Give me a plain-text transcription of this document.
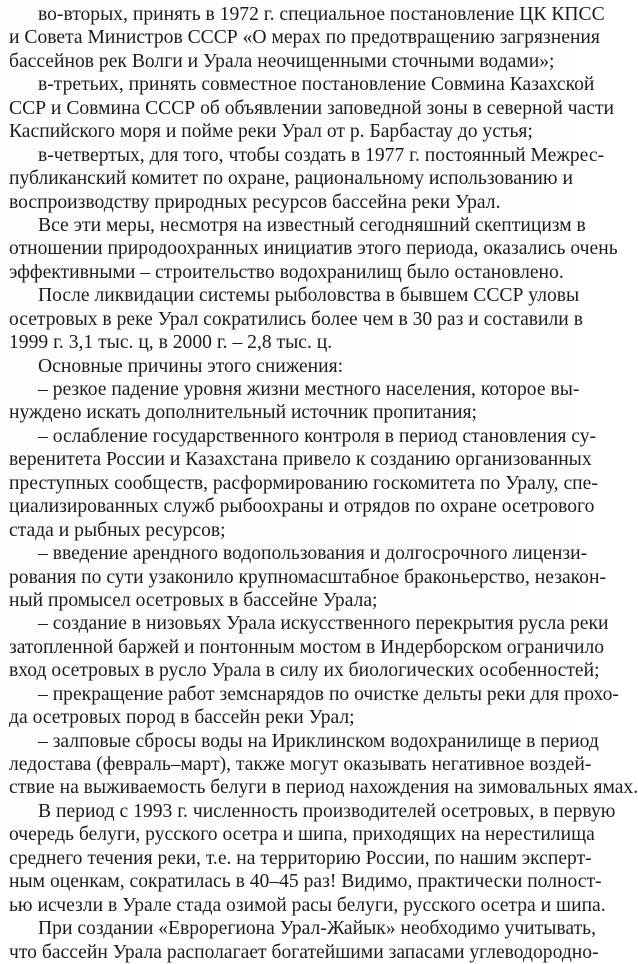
во-вторых, принять в 1972 г. специальное постановление ЦК КПСС
и Совета Министров СССР «О мерах по предотвращению загрязнения
бассейнов рек Волги и Урала неочищенными сточными водами»;
в-третьих, принять совместное постановление Совмина Казахской
ССР и Совмина СССР об объявлении заповедной зоны в северной части
Каспийского моря и пойме реки Урал от р. Барбастау до устья;
в-четвертых, для того, чтобы создать в 1977 г. постоянный Межрес-
публиканский комитет по охране, рациональному использованию и
воспроизводству природных ресурсов бассейна реки Урал.
Все эти меры, несмотря на известный сегодняшний скептицизм в
отношении природоохранных инициатив этого периода, оказались очень
эффективными – строительство водохранилищ было остановлено.
После ликвидации системы рыболовства в бывшем СССР уловы
осетровых в реке Урал сократились более чем в 30 раз и составили в
1999 г. 3,1 тыс. ц, в 2000 г. – 2,8 тыс. ц.
Основные причины этого снижения:
– резкое падение уровня жизни местного населения, которое вы-
нуждено искать дополнительный источник пропитания;
– ослабление государственного контроля в период становления су-
веренитета России и Казахстана привело к созданию организованных
преступных сообществ, расформированию госкомитета по Уралу, спе-
циализированных служб рыбоохраны и отрядов по охране осетрового
стада и рыбных ресурсов;
– введение арендного водопользования и долгосрочного лицензи-
рования по сути узаконило крупномасштабное браконьерство, незакон-
ный промысел осетровых в бассейне Урала;
– создание в низовьях Урала искусственного перекрытия русла реки
затопленной баржей и понтонным мостом в Индерборском ограничило
вход осетровых в русло Урала в силу их биологических особенностей;
– прекращение работ земснарядов по очистке дельты реки для прохо-
да осетровых пород в бассейн реки Урал;
– залповые сбросы воды на Ириклинском водохранилище в период
ледостава (февраль–март), также могут оказывать негативное воздей-
ствие на выживаемость белуги в период нахождения на зимовальных ямах.
В период с 1993 г. численность производителей осетровых, в первую
очередь белуги, русского осетра и шипа, приходящих на нерестилища
среднего течения реки, т.е. на территорию России, по нашим эксперт-
ным оценкам, сократилась в 40–45 раз! Видимо, практически полност-
ью исчезли в Урале стада озимой расы белуги, русского осетра и шипа.
При создании «Еврорегиона Урал-Жайык» необходимо учитывать,
что бассейн Урала располагает богатейшими запасами углеводородно-
